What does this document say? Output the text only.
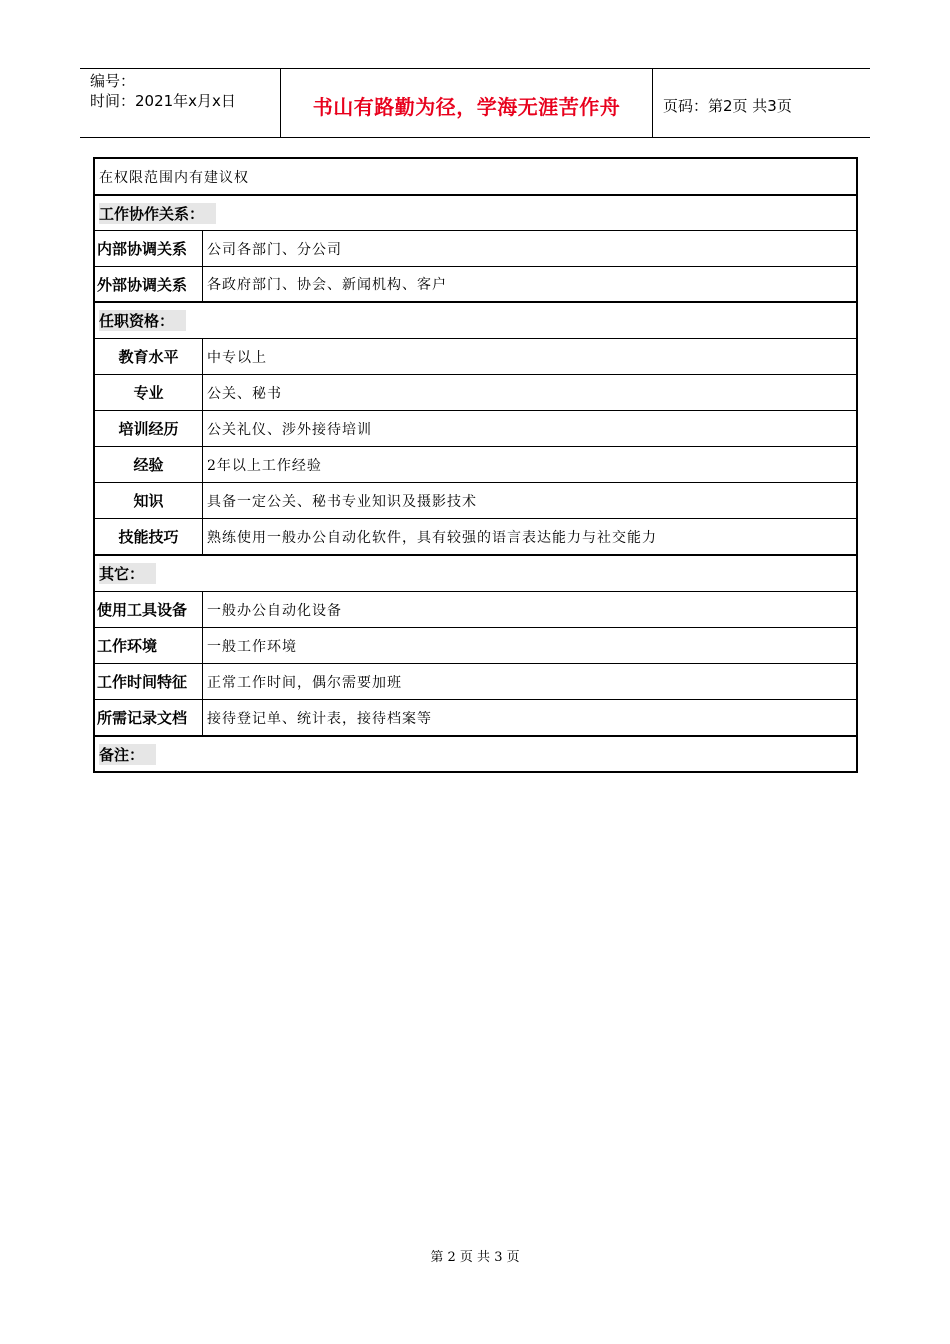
编号：
时间：2021年x月x日	书山有路勤为径，学海无涯苦作舟	页码：第2页 共3页
在权限范围内有建议权
工作协作关系：
内部协调关系	公司各部门、分公司
外部协调关系	各政府部门、协会、新闻机构、客户
任职资格：
教育水平	中专以上
专业	公关、秘书
培训经历	公关礼仪、涉外接待培训
经验	2年以上工作经验
知识	具备一定公关、秘书专业知识及摄影技术
技能技巧	熟练使用一般办公自动化软件，具有较强的语言表达能力与社交能力
其它：
使用工具设备	一般办公自动化设备
工作环境	一般工作环境
工作时间特征	正常工作时间，偶尔需要加班
所需记录文档	接待登记单、统计表，接待档案等
备注：
第 2 页 共 3 页
